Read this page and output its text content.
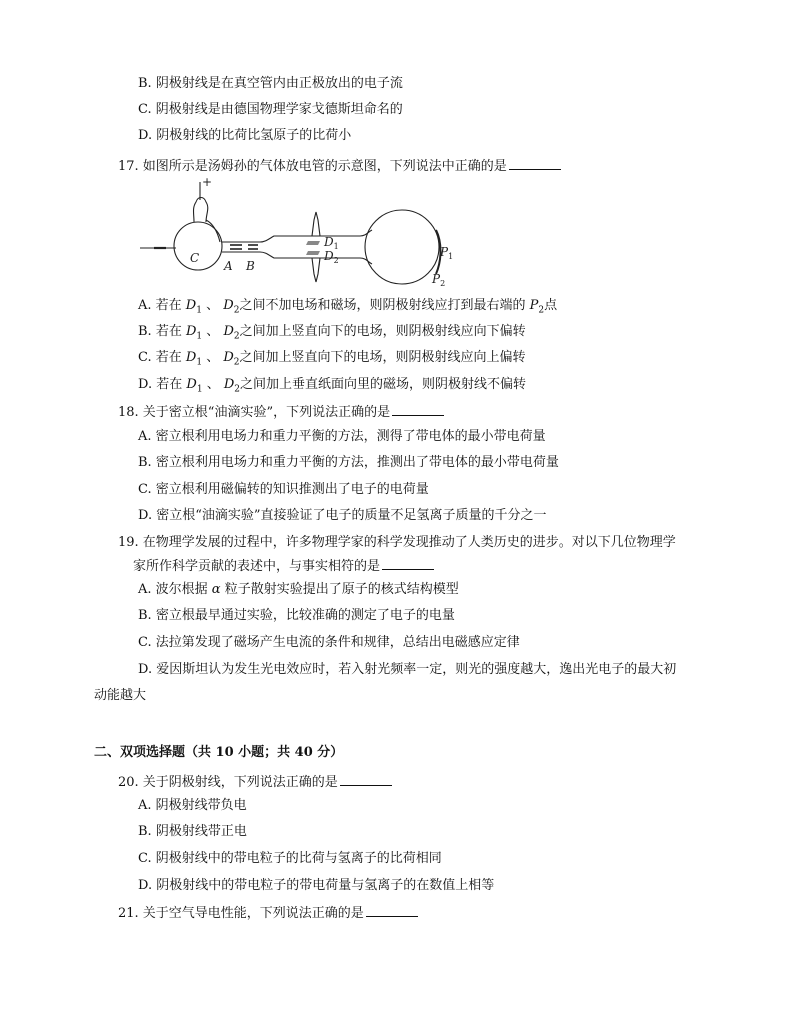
B. 阴极射线是在真空管内由正极放出的电子流
C. 阴极射线是由德国物理学家戈德斯坦命名的
D. 阴极射线的比荷比氢原子的比荷小
17. 如图所示是汤姆孙的气体放电管的示意图，下列说法中正确的是
+
C
A B
$D_1$
$D_2$
$P_1$
$P_2$
A. 若在 $D_1$ 、 $D_2$之间不加电场和磁场，则阴极射线应打到最右端的 $P_2$点
B. 若在 $D_1$ 、 $D_2$之间加上竖直向下的电场，则阴极射线应向下偏转
C. 若在 $D_1$ 、 $D_2$之间加上竖直向下的电场，则阴极射线应向上偏转
D. 若在 $D_1$ 、 $D_2$之间加上垂直纸面向里的磁场，则阴极射线不偏转
18. 关于密立根“油滴实验”，下列说法正确的是
A. 密立根利用电场力和重力平衡的方法，测得了带电体的最小带电荷量
B. 密立根利用电场力和重力平衡的方法，推测出了带电体的最小带电荷量
C. 密立根利用磁偏转的知识推测出了电子的电荷量
D. 密立根“油滴实验”直接验证了电子的质量不足氢离子质量的千分之一
19. 在物理学发展的过程中，许多物理学家的科学发现推动了人类历史的进步。对以下几位物理学
家所作科学贡献的表述中，与事实相符的是
A. 波尔根据 α 粒子散射实验提出了原子的核式结构模型
B. 密立根最早通过实验，比较准确的测定了电子的电量
C. 法拉第发现了磁场产生电流的条件和规律，总结出电磁感应定律
D. 爱因斯坦认为发生光电效应时，若入射光频率一定，则光的强度越大，逸出光电子的最大初
动能越大
二、双项选择题（共 10 小题；共 40 分）
20. 关于阴极射线，下列说法正确的是
A. 阴极射线带负电
B. 阴极射线带正电
C. 阴极射线中的带电粒子的比荷与氢离子的比荷相同
D. 阴极射线中的带电粒子的带电荷量与氢离子的在数值上相等
21. 关于空气导电性能，下列说法正确的是
